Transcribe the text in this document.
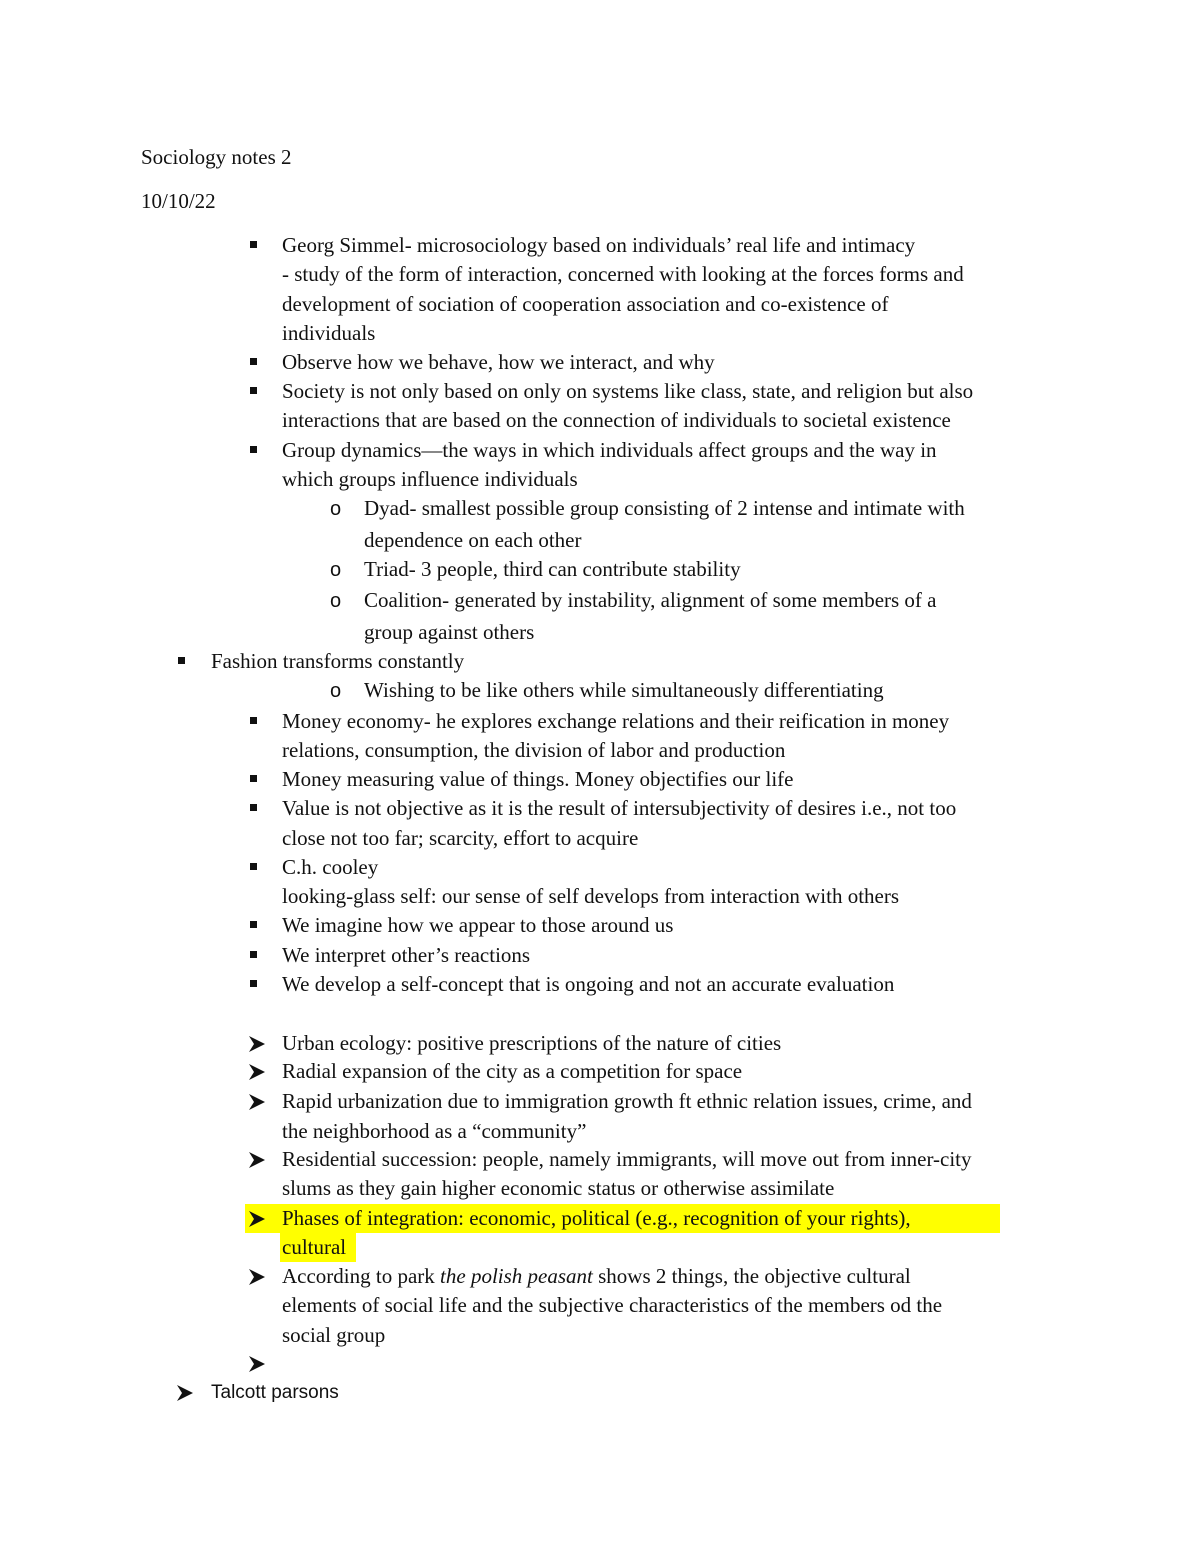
Sociology notes 2
10/10/22
Georg Simmel- microsociology based on individuals’ real life and intimacy
- study of the form of interaction, concerned with looking at the forces forms and
development of sociation of cooperation association and co-existence of
individuals
Observe how we behave, how we interact, and why
Society is not only based on only on systems like class, state, and religion but also
interactions that are based on the connection of individuals to societal existence
Group dynamics—the ways in which individuals affect groups and the way in
which groups influence individuals
o Dyad- smallest possible group consisting of 2 intense and intimate with
dependence on each other
o Triad- 3 people, third can contribute stability
o Coalition- generated by instability, alignment of some members of a
group against others
Fashion transforms constantly
o Wishing to be like others while simultaneously differentiating
Money economy- he explores exchange relations and their reification in money
relations, consumption, the division of labor and production
Money measuring value of things. Money objectifies our life
Value is not objective as it is the result of intersubjectivity of desires i.e., not too
close not too far; scarcity, effort to acquire
C.h. cooley
looking-glass self: our sense of self develops from interaction with others
We imagine how we appear to those around us
We interpret other’s reactions
We develop a self-concept that is ongoing and not an accurate evaluation
Urban ecology: positive prescriptions of the nature of cities
Radial expansion of the city as a competition for space
Rapid urbanization due to immigration growth ft ethnic relation issues, crime, and
the neighborhood as a “community”
Residential succession: people, namely immigrants, will move out from inner-city
slums as they gain higher economic status or otherwise assimilate
Phases of integration: economic, political (e.g., recognition of your rights),
cultural
According to park the polish peasant shows 2 things, the objective cultural
elements of social life and the subjective characteristics of the members od the
social group
Talcott parsons
